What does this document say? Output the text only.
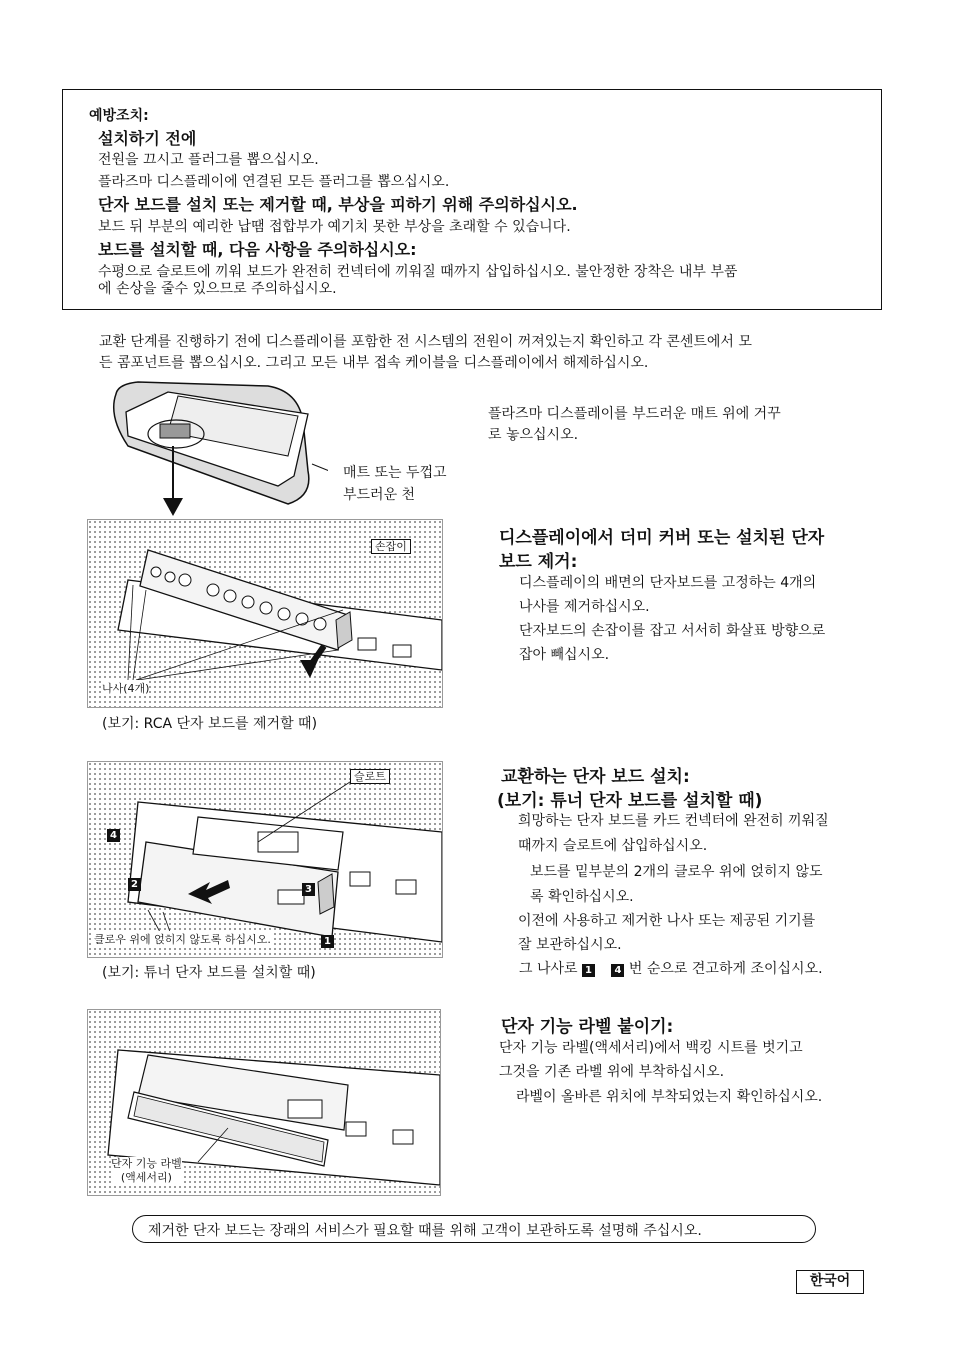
예방조치:
설치하기 전에
전원을 끄시고 플러그를 뽑으십시오.
플라즈마 디스플레이에 연결된 모든 플러그를 뽑으십시오.
단자 보드를 설치 또는 제거할 때, 부상을 피하기 위해 주의하십시오.
보드 뒤 부분의 예리한 납땜 접합부가 예기치 못한 부상을 초래할 수 있습니다.
보드를 설치할 때, 다음 사항을 주의하십시오:
수평으로 슬로트에 끼워 보드가 완전히 컨넥터에 끼워질 때까지 삽입하십시오. 불안정한 장착은 내부 부품
에 손상을 줄수 있으므로 주의하십시오.
교환 단계를 진행하기 전에 디스플레이를 포함한 전 시스템의 전원이 꺼져있는지 확인하고 각 콘센트에서 모
든 콤포넌트를 뽑으십시오. 그리고 모든 내부 접속 케이블을 디스플레이에서 해제하십시오.
매트 또는 두껍고
부드러운 천
플라즈마 디스플레이를 부드러운 매트 위에 거꾸
로 놓으십시오.
손잡이
나사(4개)
(보기: RCA 단자 보드를 제거할 때)
디스플레이에서 더미 커버 또는 설치된 단자
보드 제거:
디스플레이의 배면의 단자보드를 고정하는 4개의
나사를 제거하십시오.
단자보드의 손잡이를 잡고 서서히 화살표 방향으로
잡아 빼십시오.
슬로트
4
2	3
1
클로우 위에 얹히지 않도록 하십시오.
(보기: 튜너 단자 보드를 설치할 때)
교환하는 단자 보드 설치:
(보기: 튜너 단자 보드를 설치할 때)
희망하는 단자 보드를 카드 컨넥터에 완전히 끼워질
때까지 슬로트에 삽입하십시오.
보드를 밑부분의 2개의 클로우 위에 얹히지 않도
록 확인하십시오.
이전에 사용하고 제거한 나사 또는 제공된 기기를
잘 보관하십시오.
그 나사로 1 4 번 순으로 견고하게 조이십시오.
단자 기능 라벨
(액세서리)
단자 기능 라벨 붙이기:
단자 기능 라벨(액세서리)에서 백킹 시트를 벗기고
그것을 기존 라벨 위에 부착하십시오.
라벨이 올바른 위치에 부착되었는지 확인하십시오.
제거한 단자 보드는 장래의 서비스가 필요할 때를 위해 고객이 보관하도록 설명해 주십시오.
한국어
